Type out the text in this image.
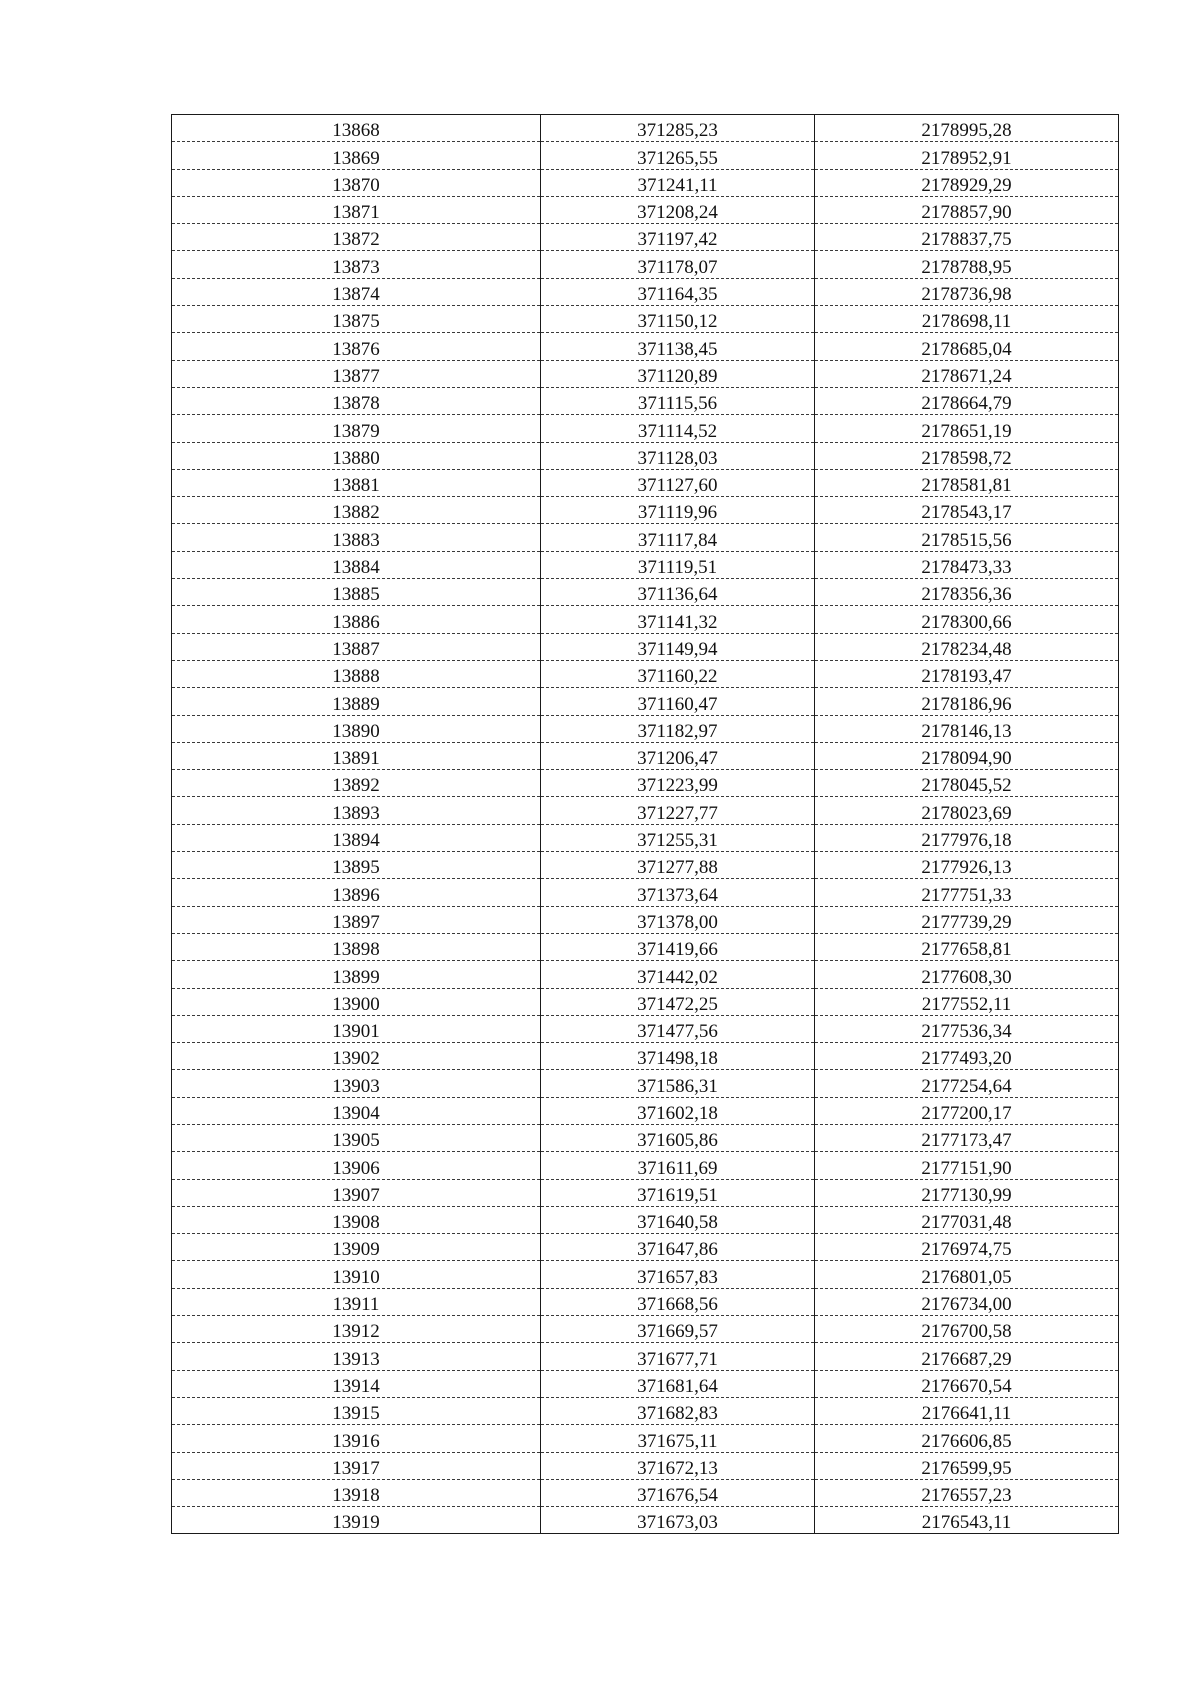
13868	371285,23	2178995,28
13869	371265,55	2178952,91
13870	371241,11	2178929,29
13871	371208,24	2178857,90
13872	371197,42	2178837,75
13873	371178,07	2178788,95
13874	371164,35	2178736,98
13875	371150,12	2178698,11
13876	371138,45	2178685,04
13877	371120,89	2178671,24
13878	371115,56	2178664,79
13879	371114,52	2178651,19
13880	371128,03	2178598,72
13881	371127,60	2178581,81
13882	371119,96	2178543,17
13883	371117,84	2178515,56
13884	371119,51	2178473,33
13885	371136,64	2178356,36
13886	371141,32	2178300,66
13887	371149,94	2178234,48
13888	371160,22	2178193,47
13889	371160,47	2178186,96
13890	371182,97	2178146,13
13891	371206,47	2178094,90
13892	371223,99	2178045,52
13893	371227,77	2178023,69
13894	371255,31	2177976,18
13895	371277,88	2177926,13
13896	371373,64	2177751,33
13897	371378,00	2177739,29
13898	371419,66	2177658,81
13899	371442,02	2177608,30
13900	371472,25	2177552,11
13901	371477,56	2177536,34
13902	371498,18	2177493,20
13903	371586,31	2177254,64
13904	371602,18	2177200,17
13905	371605,86	2177173,47
13906	371611,69	2177151,90
13907	371619,51	2177130,99
13908	371640,58	2177031,48
13909	371647,86	2176974,75
13910	371657,83	2176801,05
13911	371668,56	2176734,00
13912	371669,57	2176700,58
13913	371677,71	2176687,29
13914	371681,64	2176670,54
13915	371682,83	2176641,11
13916	371675,11	2176606,85
13917	371672,13	2176599,95
13918	371676,54	2176557,23
13919	371673,03	2176543,11
